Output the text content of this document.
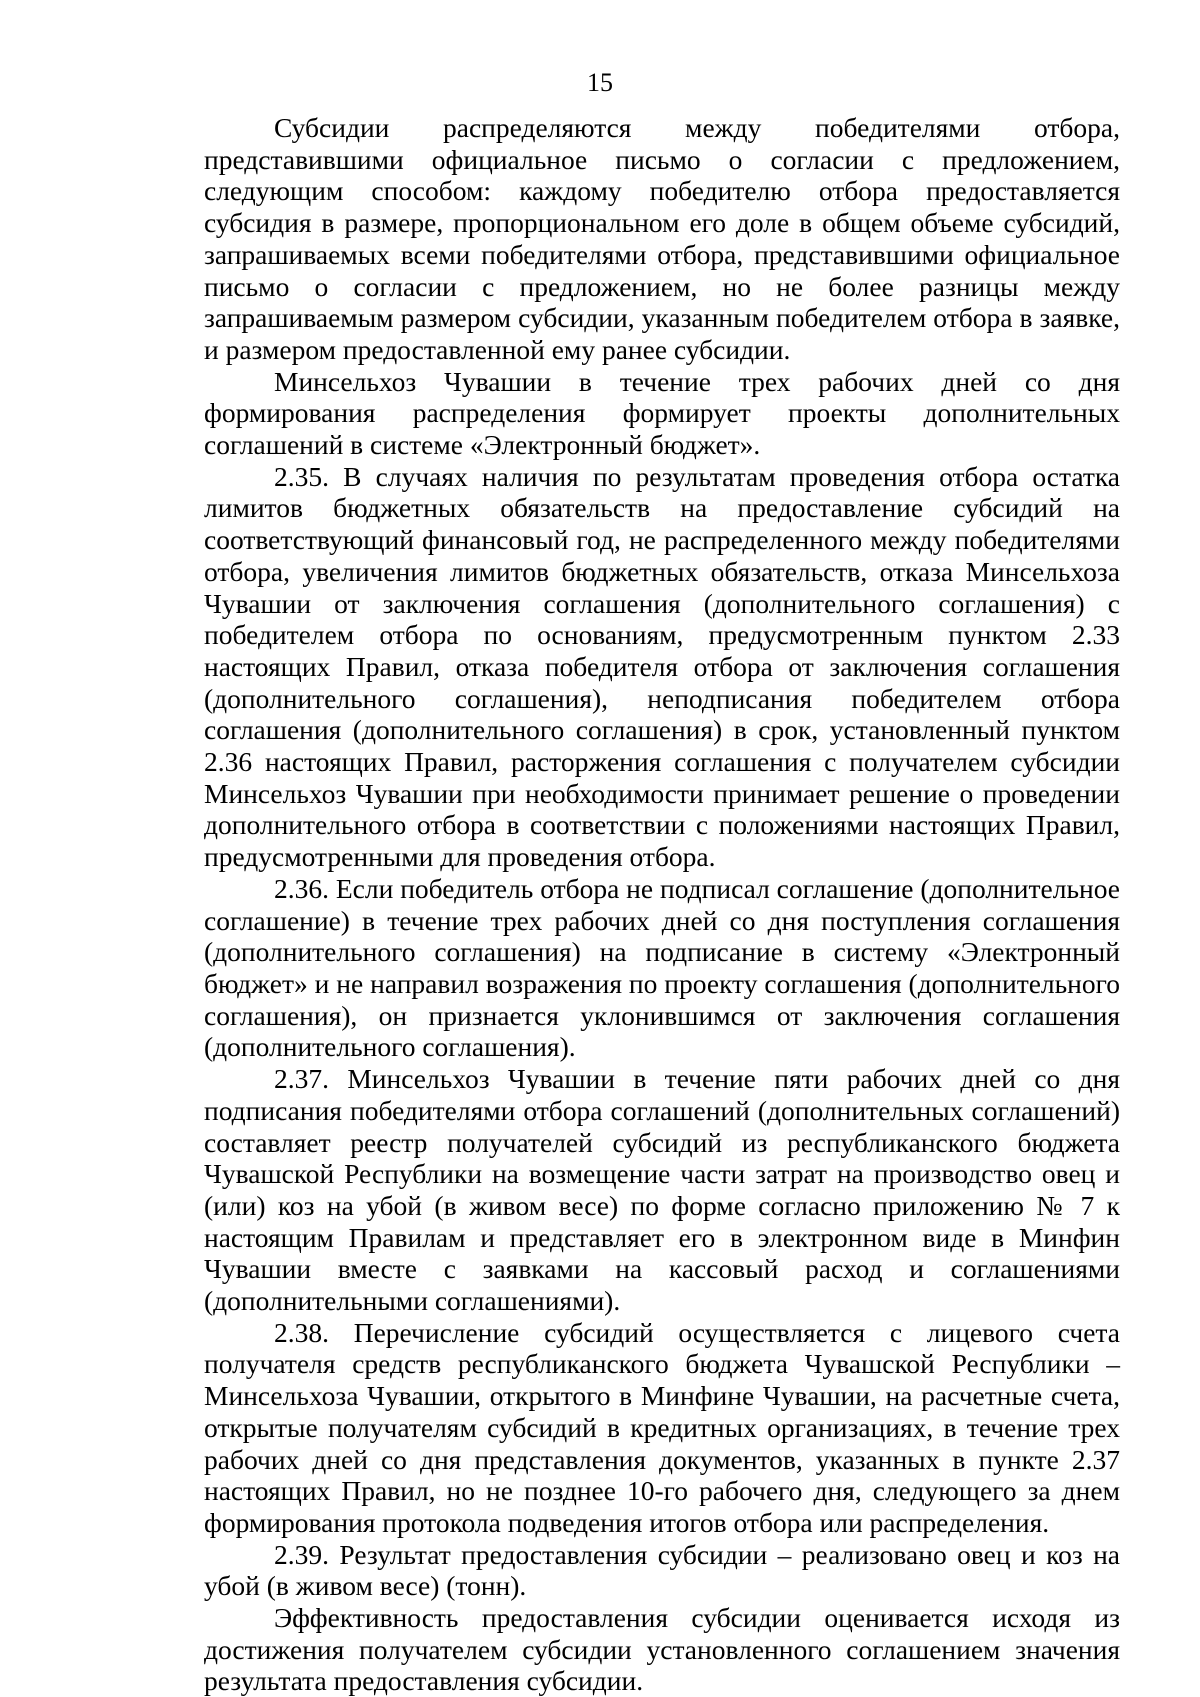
15

Субсидии распределяются между победителями отбора, представившими официальное письмо о согласии с предложением, следующим способом: каждому победителю отбора предоставляется субсидия в размере, пропорциональном его доле в общем объеме субсидий, запрашиваемых всеми победителями отбора, представившими официальное письмо о согласии с предложением, но не более разницы между запрашиваемым размером субсидии, указанным победителем отбора в заявке, и размером предоставленной ему ранее субсидии.

Минсельхоз Чувашии в течение трех рабочих дней со дня формирования распределения формирует проекты дополнительных соглашений в системе «Электронный бюджет».

2.35. В случаях наличия по результатам проведения отбора остатка лимитов бюджетных обязательств на предоставление субсидий на соответствующий финансовый год, не распределенного между победителями отбора, увеличения лимитов бюджетных обязательств, отказа Минсельхоза Чувашии от заключения соглашения (дополнительного соглашения) с победителем отбора по основаниям, предусмотренным пунктом 2.33 настоящих Правил, отказа победителя отбора от заключения соглашения (дополнительного соглашения), неподписания победителем отбора соглашения (дополнительного соглашения) в срок, установленный пунктом 2.36 настоящих Правил, расторжения соглашения с получателем субсидии Минсельхоз Чувашии при необходимости принимает решение о проведении дополнительного отбора в соответствии с положениями настоящих Правил, предусмотренными для проведения отбора.

2.36. Если победитель отбора не подписал соглашение (дополнительное соглашение) в течение трех рабочих дней со дня поступления соглашения (дополнительного соглашения) на подписание в систему «Электронный бюджет» и не направил возражения по проекту соглашения (дополнительного соглашения), он признается уклонившимся от заключения соглашения (дополнительного соглашения).

2.37. Минсельхоз Чувашии в течение пяти рабочих дней со дня подписания победителями отбора соглашений (дополнительных соглашений) составляет реестр получателей субсидий из республиканского бюджета Чувашской Республики на возмещение части затрат на производство овец и (или) коз на убой (в живом весе) по форме согласно приложению № 7 к настоящим Правилам и представляет его в электронном виде в Минфин Чувашии вместе с заявками на кассовый расход и соглашениями (дополнительными соглашениями).

2.38. Перечисление субсидий осуществляется с лицевого счета получателя средств республиканского бюджета Чувашской Республики – Минсельхоза Чувашии, открытого в Минфине Чувашии, на расчетные счета, открытые получателям субсидий в кредитных организациях, в течение трех рабочих дней со дня представления документов, указанных в пункте 2.37 настоящих Правил, но не позднее 10-го рабочего дня, следующего за днем формирования протокола подведения итогов отбора или распределения.

2.39. Результат предоставления субсидии – реализовано овец и коз на убой (в живом весе) (тонн).

Эффективность предоставления субсидии оценивается исходя из достижения получателем субсидии установленного соглашением значения результата предоставления субсидии.
